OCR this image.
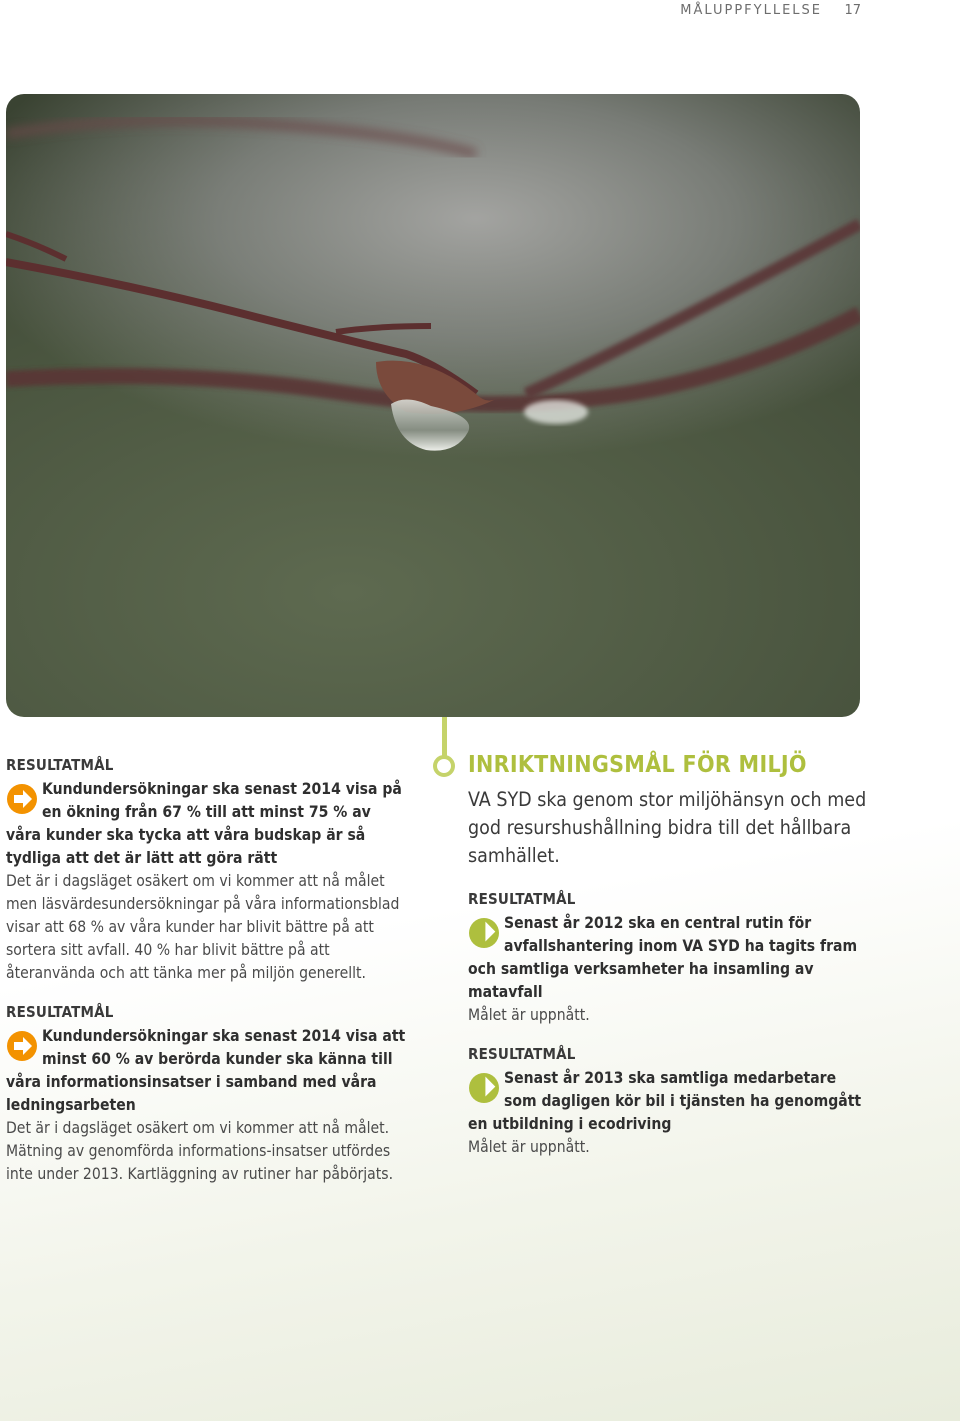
MÅLUPPFYLLELSE 17

RESULTATMÅL

Kundundersökningar ska senast 2014 visa på en ökning från 67 % till att minst 75 % av våra kunder ska tycka att våra budskap är så tydliga att det är lätt att göra rätt

Det är i dagsläget osäkert om vi kommer att nå målet men läsvärdesundersökningar på våra informationsblad visar att 68 % av våra kunder har blivit bättre på att sortera sitt avfall. 40 % har blivit bättre på att återanvända och att tänka mer på miljön generellt.

RESULTATMÅL

Kundundersökningar ska senast 2014 visa att minst 60 % av berörda kunder ska känna till våra informationsinsatser i samband med våra ledningsarbeten

Det är i dagsläget osäkert om vi kommer att nå målet. Mätning av genomförda informations-insatser utfördes inte under 2013. Kartläggning av rutiner har påbörjats.

INRIKTNINGSMÅL FÖR MILJÖ

VA SYD ska genom stor miljöhänsyn och med god resurshushållning bidra till det hållbara samhället.

RESULTATMÅL

Senast år 2012 ska en central rutin för avfallshantering inom VA SYD ha tagits fram och samtliga verksamheter ha insamling av matavfall

Målet är uppnått.

RESULTATMÅL

Senast år 2013 ska samtliga medarbetare som dagligen kör bil i tjänsten ha genomgått en utbildning i ecodriving

Målet är uppnått.
